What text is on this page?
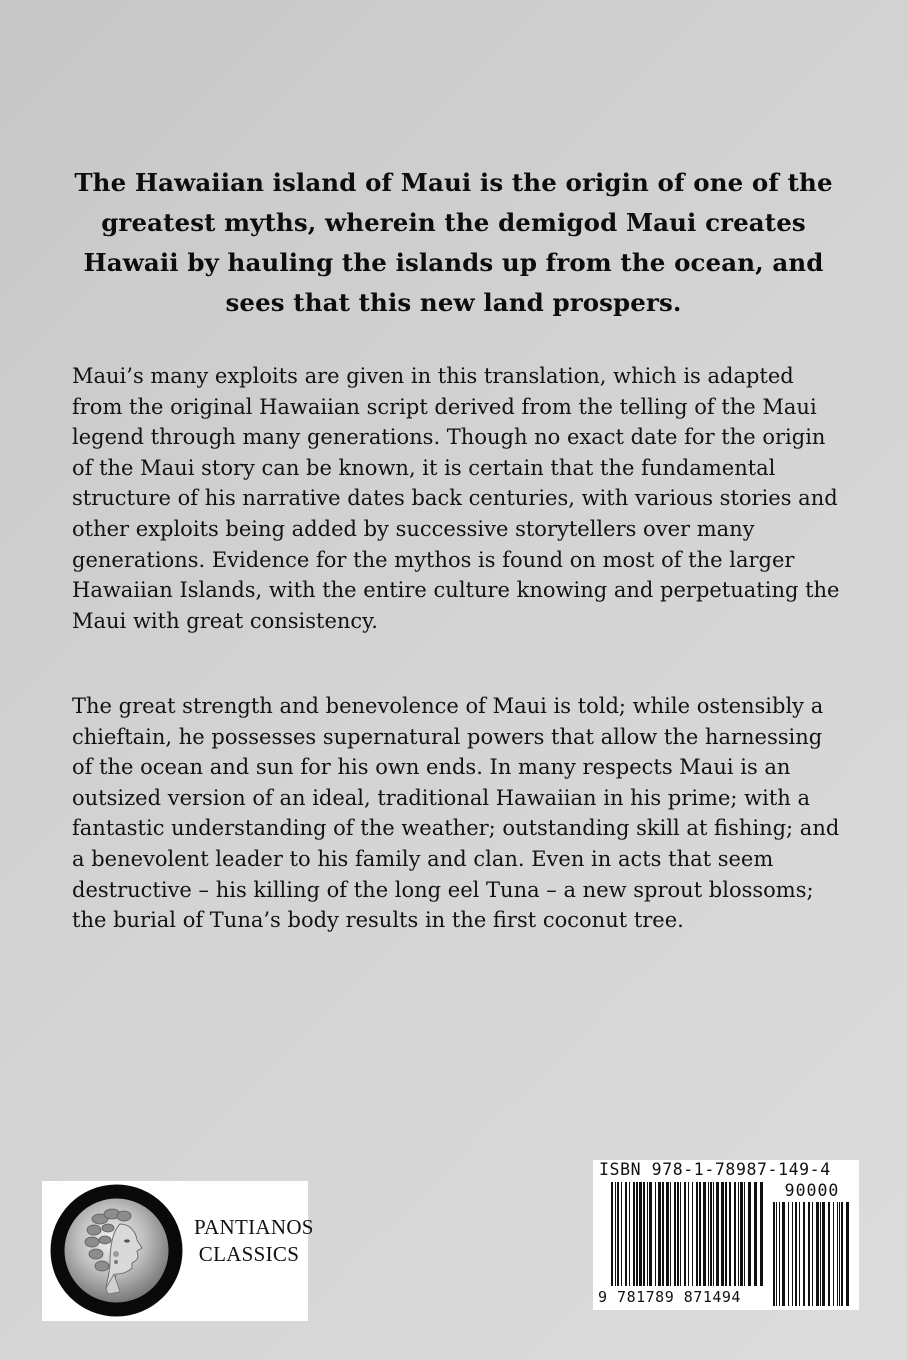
The Hawaiian island of Maui is the origin of one of the greatest myths, wherein the demigod Maui creates Hawaii by hauling the islands up from the ocean, and sees that this new land prospers.

Maui’s many exploits are given in this translation, which is adapted from the original Hawaiian script derived from the telling of the Maui legend through many generations. Though no exact date for the origin of the Maui story can be known, it is certain that the fundamental structure of his narrative dates back centuries, with various stories and other exploits being added by successive storytellers over many generations. Evidence for the mythos is found on most of the larger Hawaiian Islands, with the entire culture knowing and perpetuating the Maui with great consistency.

The great strength and benevolence of Maui is told; while ostensibly a chieftain, he possesses supernatural powers that allow the harnessing of the ocean and sun for his own ends. In many respects Maui is an outsized version of an ideal, traditional Hawaiian in his prime; with a fantastic understanding of the weather; outstanding skill at fishing; and a benevolent leader to his family and clan. Even in acts that seem destructive – his killing of the long eel Tuna – a new sprout blossoms; the burial of Tuna’s body results in the first coconut tree.

PANTIANOS
CLASSICS
ISBN 978-1-78987-149-4
90000
9 781789 871494
